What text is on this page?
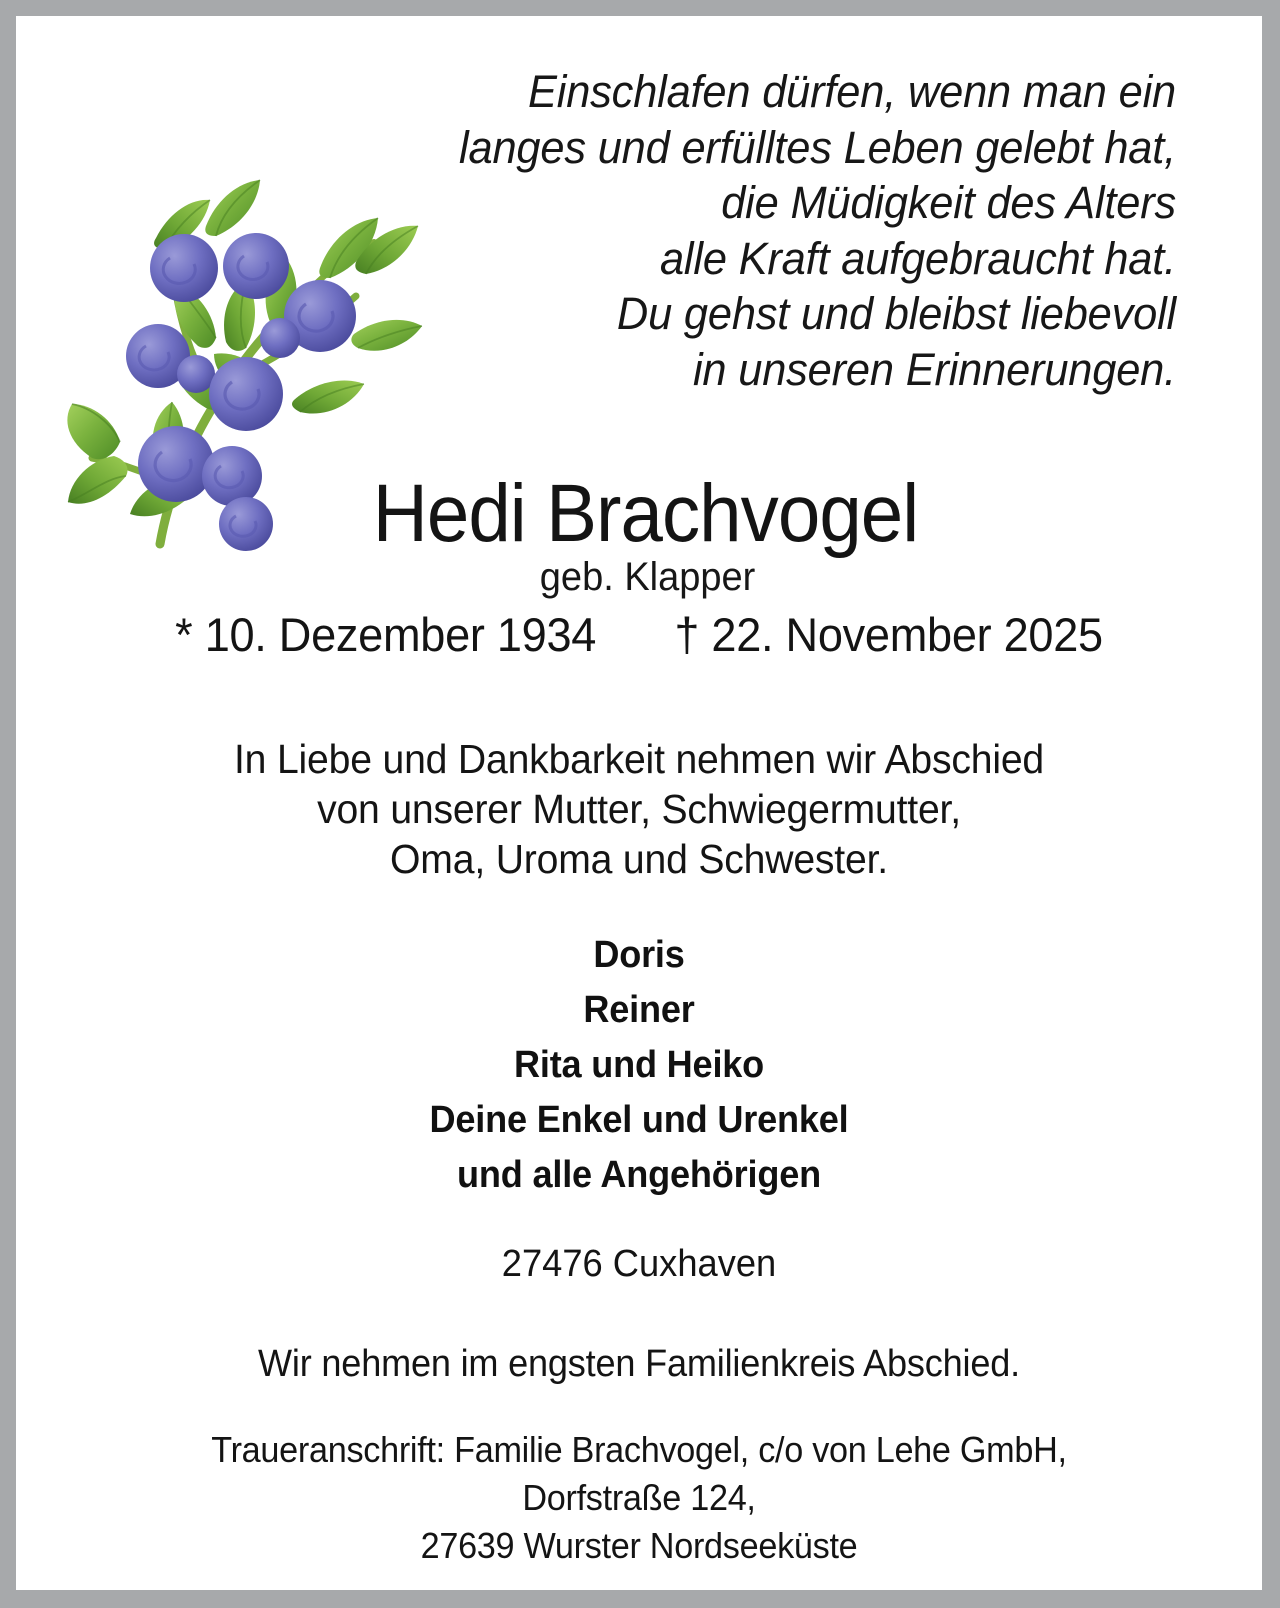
Einschlafen dürfen, wenn man ein
langes und erfülltes Leben gelebt hat,
die Müdigkeit des Alters
alle Kraft aufgebraucht hat.
Du gehst und bleibst liebevoll
in unseren Erinnerungen.
Hedi Brachvogel
geb. Klapper
* 10. Dezember 1934 † 22. November 2025
In Liebe und Dankbarkeit nehmen wir Abschied
von unserer Mutter, Schwiegermutter,
Oma, Uroma und Schwester.
Doris
Reiner
Rita und Heiko
Deine Enkel und Urenkel
und alle Angehörigen
27476 Cuxhaven
Wir nehmen im engsten Familienkreis Abschied.
Traueranschrift: Familie Brachvogel, c/o von Lehe GmbH,
Dorfstraße 124,
27639 Wurster Nordseeküste
